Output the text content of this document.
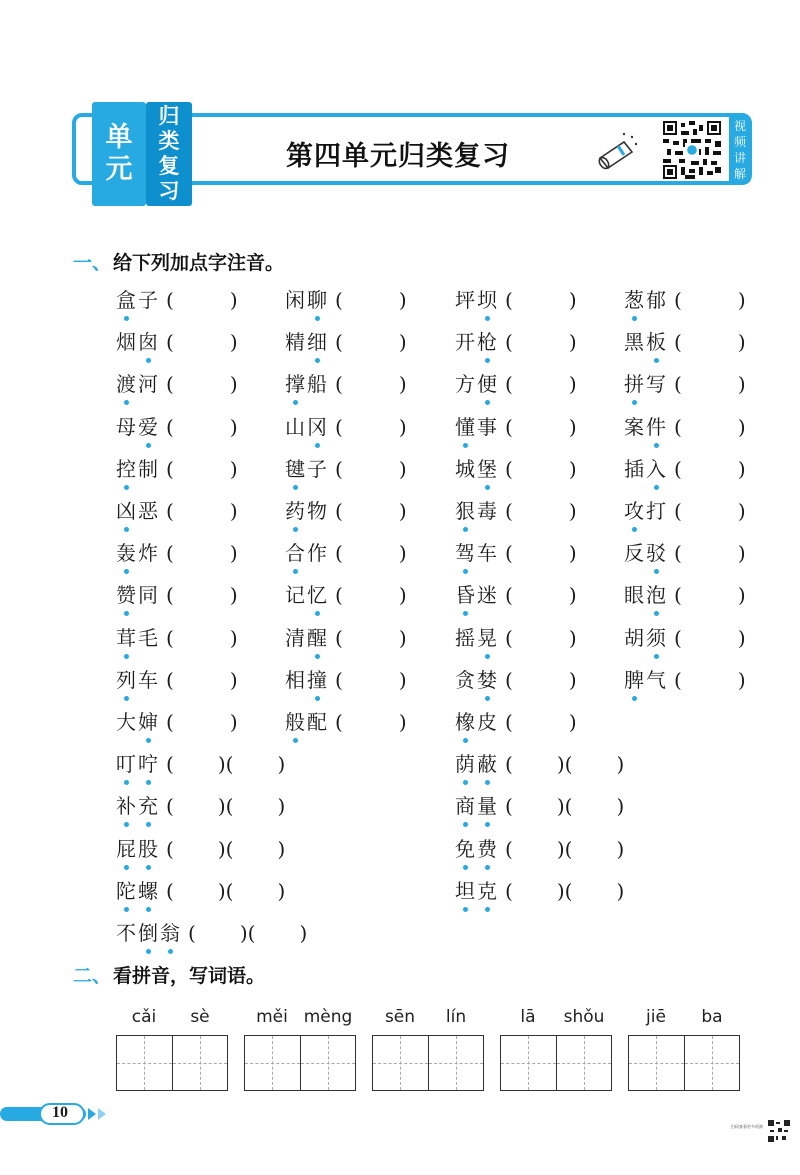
单
元
归
类
复
习
第四单元归类复习
视
频
讲
解
一 、 给下列加点字注音。
盒子 (	) 闲聊 (	) 坪坝 (	) 葱郁 (	)
烟囱 (	) 精细 (	) 开枪 (	) 黑板 (	)
渡河 (	) 撑船 (	) 方便 (	) 拼写 (	)
母爱 (	) 山冈 (	) 懂事 (	) 案件 (	)
控制 (	) 毽子 (	) 城堡 (	) 插入 (	)
凶恶 (	) 药物 (	) 狠毒 (	) 攻打 (	)
轰炸 (	) 合作 (	) 驾车 (	) 反驳 (	)
赞同 (	) 记忆 (	) 昏迷 (	) 眼泡 (	)
茸毛 (	) 清醒 (	) 摇晃 (	) 胡须 (	)
列车 (	) 相撞 (	) 贪婪 (	) 脾气 (	)
大婶 (	) 般配 (	) 橡皮 (	)
叮咛 ( ) ( )	荫蔽 ( ) ( )
补充 ( ) ( )	商量 ( ) ( )
屁股 ( ) ( )	免费 ( ) ( )
陀螺 ( ) ( )	坦克 ( ) ( )
不倒翁 ( ) ( )
二 、 看拼音，写词语。
cǎi	sè	měi mèng	sēn	lín	lā	shǒu	jiē	ba
10
扫码查看更多资源
